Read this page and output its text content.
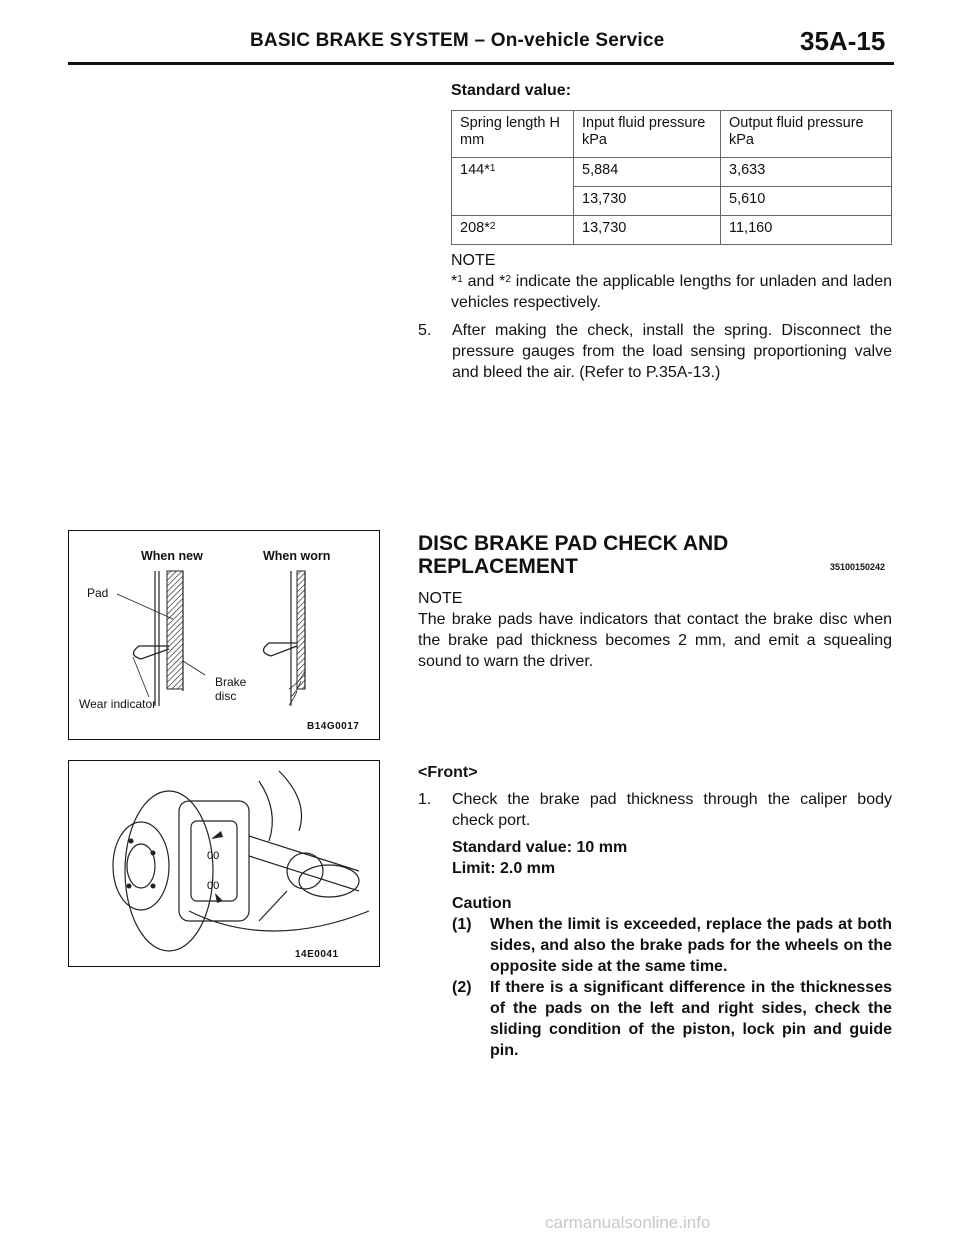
BASIC BRAKE SYSTEM – On-vehicle Service	35A-15
Standard value:
Spring length H mm	Input fluid pressure kPa	Output fluid pressure kPa
144*$^1$	5,884	3,633
	13,730	5,610
208*$^2$	13,730	11,160
NOTE
*$^1$ and *$^2$ indicate the applicable lengths for unladen and laden vehicles respectively.
5. After making the check, install the spring. Disconnect the pressure gauges from the load sensing proportioning valve and bleed the air. (Refer to P.35A-13.)
When new	When worn
Pad
Brake
disc
Wear indicator
B14G0017
DISC BRAKE PAD CHECK AND
REPLACEMENT	35100150242
NOTE
The brake pads have indicators that contact the brake disc when the brake pad thickness becomes 2 mm, and emit a squealing sound to warn the driver.
00
00
14E0041
<Front>
1. Check the brake pad thickness through the caliper body check port.
Standard value: 10 mm
Limit: 2.0 mm
Caution
(1) When the limit is exceeded, replace the pads at both sides, and also the brake pads for the wheels on the opposite side at the same time.
(2) If there is a significant difference in the thicknesses of the pads on the left and right sides, check the sliding condition of the piston, lock pin and guide pin.
carmanualsonline.info
